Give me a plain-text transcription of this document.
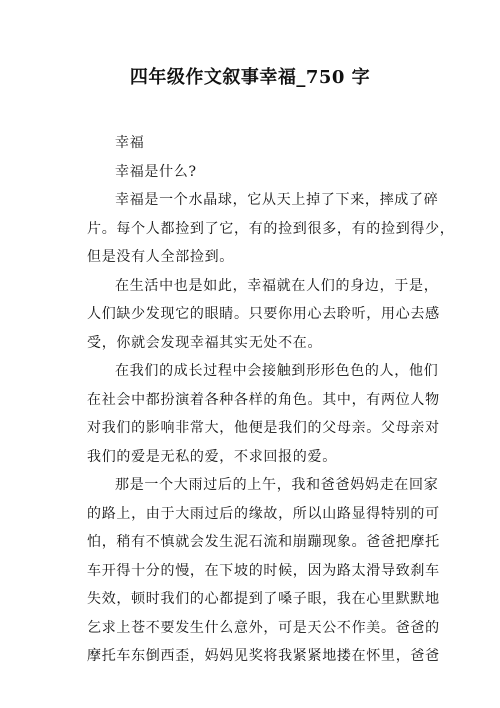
四年级作文叙事幸福_750 字
幸福
幸福是什么?
幸福是一个水晶球，它从天上掉了下来，摔成了碎
片。每个人都捡到了它，有的捡到很多，有的捡到得少，
但是没有人全部捡到。
在生活中也是如此，幸福就在人们的身边，于是，
人们缺少发现它的眼睛。只要你用心去聆听，用心去感
受，你就会发现幸福其实无处不在。
在我们的成长过程中会接触到形形色色的人，他们
在社会中都扮演着各种各样的角色。其中，有两位人物
对我们的影响非常大，他便是我们的父母亲。父母亲对
我们的爱是无私的爱，不求回报的爱。
那是一个大雨过后的上午，我和爸爸妈妈走在回家
的路上，由于大雨过后的缘故，所以山路显得特别的可
怕，稍有不慎就会发生泥石流和崩蹦现象。爸爸把摩托
车开得十分的慢，在下坡的时候，因为路太滑导致刹车
失效，顿时我们的心都提到了嗓子眼，我在心里默默地
乞求上苍不要发生什么意外，可是天公不作美。爸爸的
摩托车东倒西歪，妈妈见奖将我紧紧地搂在怀里，爸爸
